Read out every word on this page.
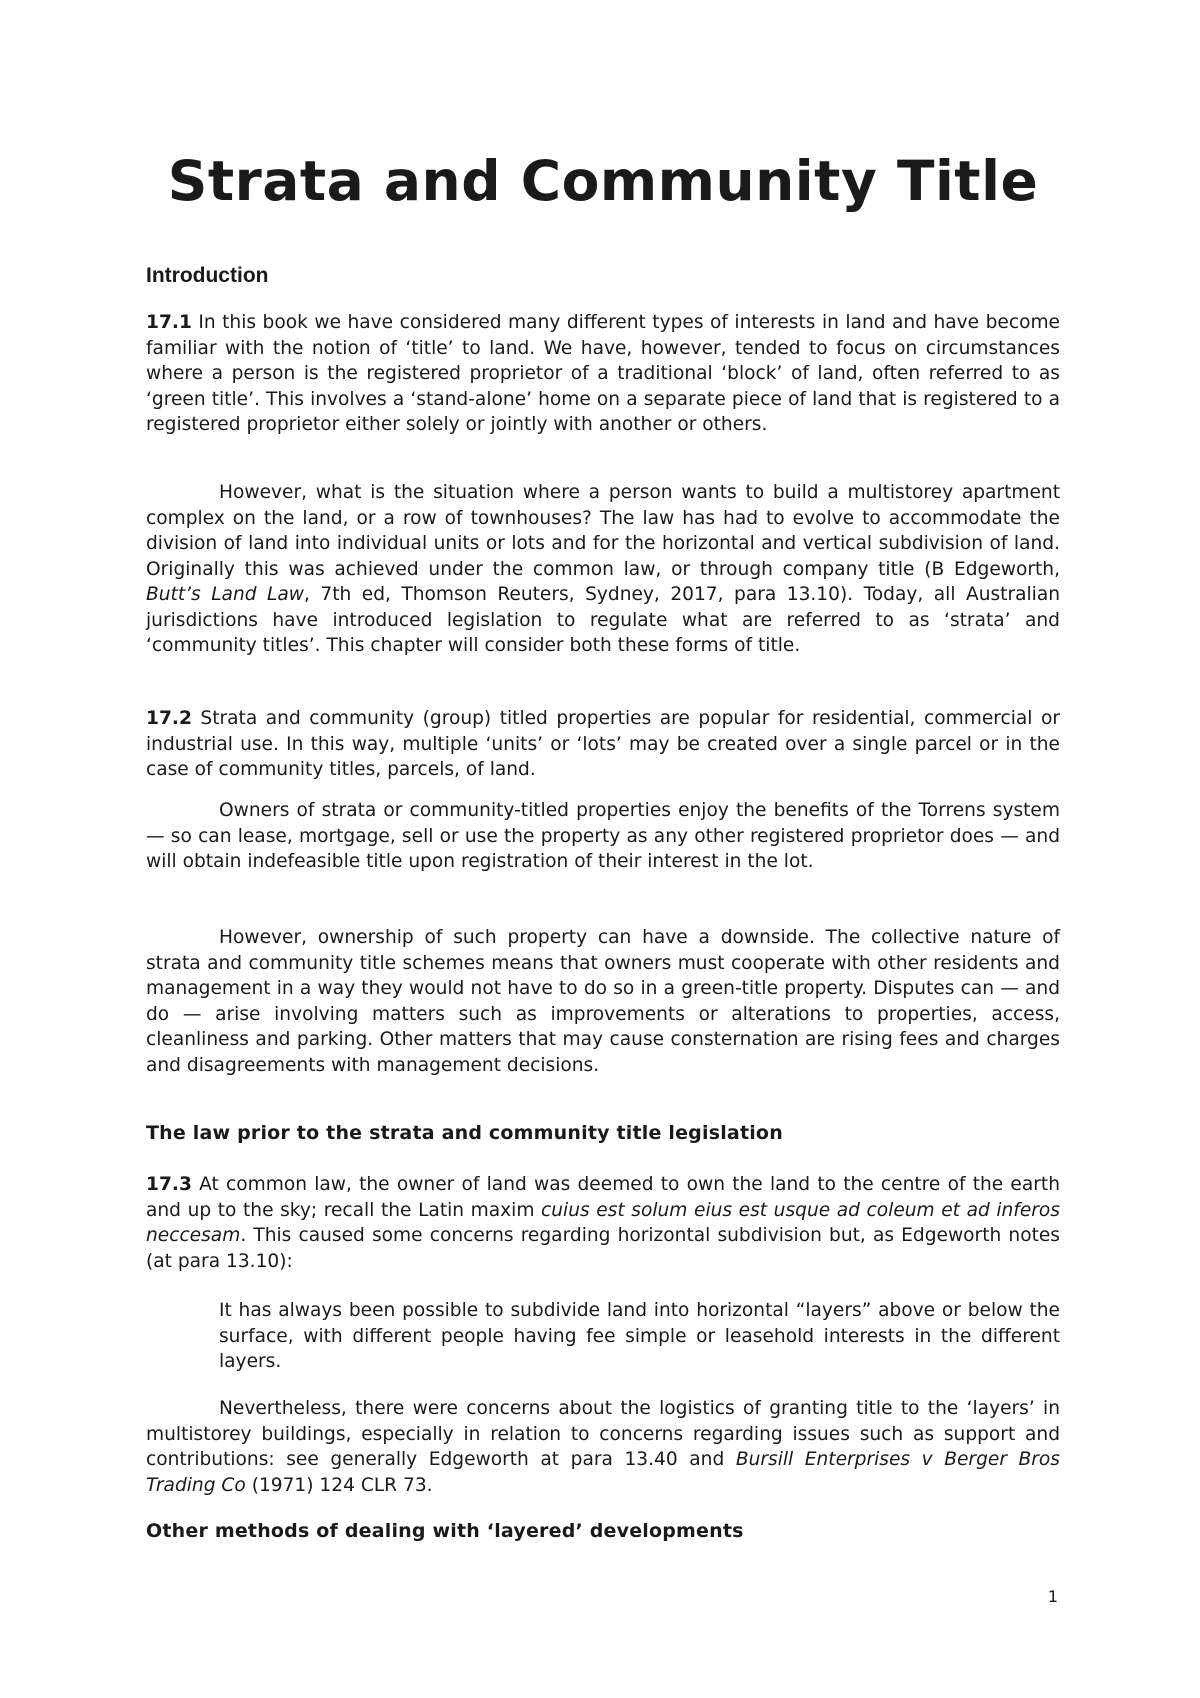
Strata and Community Title
Introduction

17.1 In this book we have considered many different types of interests in land and have become familiar with the notion of ‘title’ to land. We have, however, tended to focus on circumstances where a person is the registered proprietor of a traditional ‘block’ of land, often referred to as ‘green title’. This involves a ‘stand-alone’ home on a separate piece of land that is registered to a registered proprietor either solely or jointly with another or others.

However, what is the situation where a person wants to build a multistorey apartment complex on the land, or a row of townhouses? The law has had to evolve to accommodate the division of land into individual units or lots and for the horizontal and vertical subdivision of land. Originally this was achieved under the common law, or through company title (B Edgeworth, Butt’s Land Law, 7th ed, Thomson Reuters, Sydney, 2017, para 13.10). Today, all Australian jurisdictions have introduced legislation to regulate what are referred to as ‘strata’ and ‘community titles’. This chapter will consider both these forms of title.

17.2 Strata and community (group) titled properties are popular for residential, commercial or industrial use. In this way, multiple ‘units’ or ‘lots’ may be created over a single parcel or in the case of community titles, parcels, of land.

Owners of strata or community-titled properties enjoy the benefits of the Torrens system — so can lease, mortgage, sell or use the property as any other registered proprietor does — and will obtain indefeasible title upon registration of their interest in the lot.

However, ownership of such property can have a downside. The collective nature of strata and community title schemes means that owners must cooperate with other residents and management in a way they would not have to do so in a green-title property. Disputes can — and do — arise involving matters such as improvements or alterations to properties, access, cleanliness and parking. Other matters that may cause consternation are rising fees and charges and disagreements with management decisions.

The law prior to the strata and community title legislation

17.3 At common law, the owner of land was deemed to own the land to the centre of the earth and up to the sky; recall the Latin maxim cuius est solum eius est usque ad coleum et ad inferos neccesam. This caused some concerns regarding horizontal subdivision but, as Edgeworth notes (at para 13.10):

It has always been possible to subdivide land into horizontal “layers” above or below the surface, with different people having fee simple or leasehold interests in the different layers.

Nevertheless, there were concerns about the logistics of granting title to the ‘layers’ in multistorey buildings, especially in relation to concerns regarding issues such as support and contributions: see generally Edgeworth at para 13.40 and Bursill Enterprises v Berger Bros Trading Co (1971) 124 CLR 73.

Other methods of dealing with ‘layered’ developments
1
